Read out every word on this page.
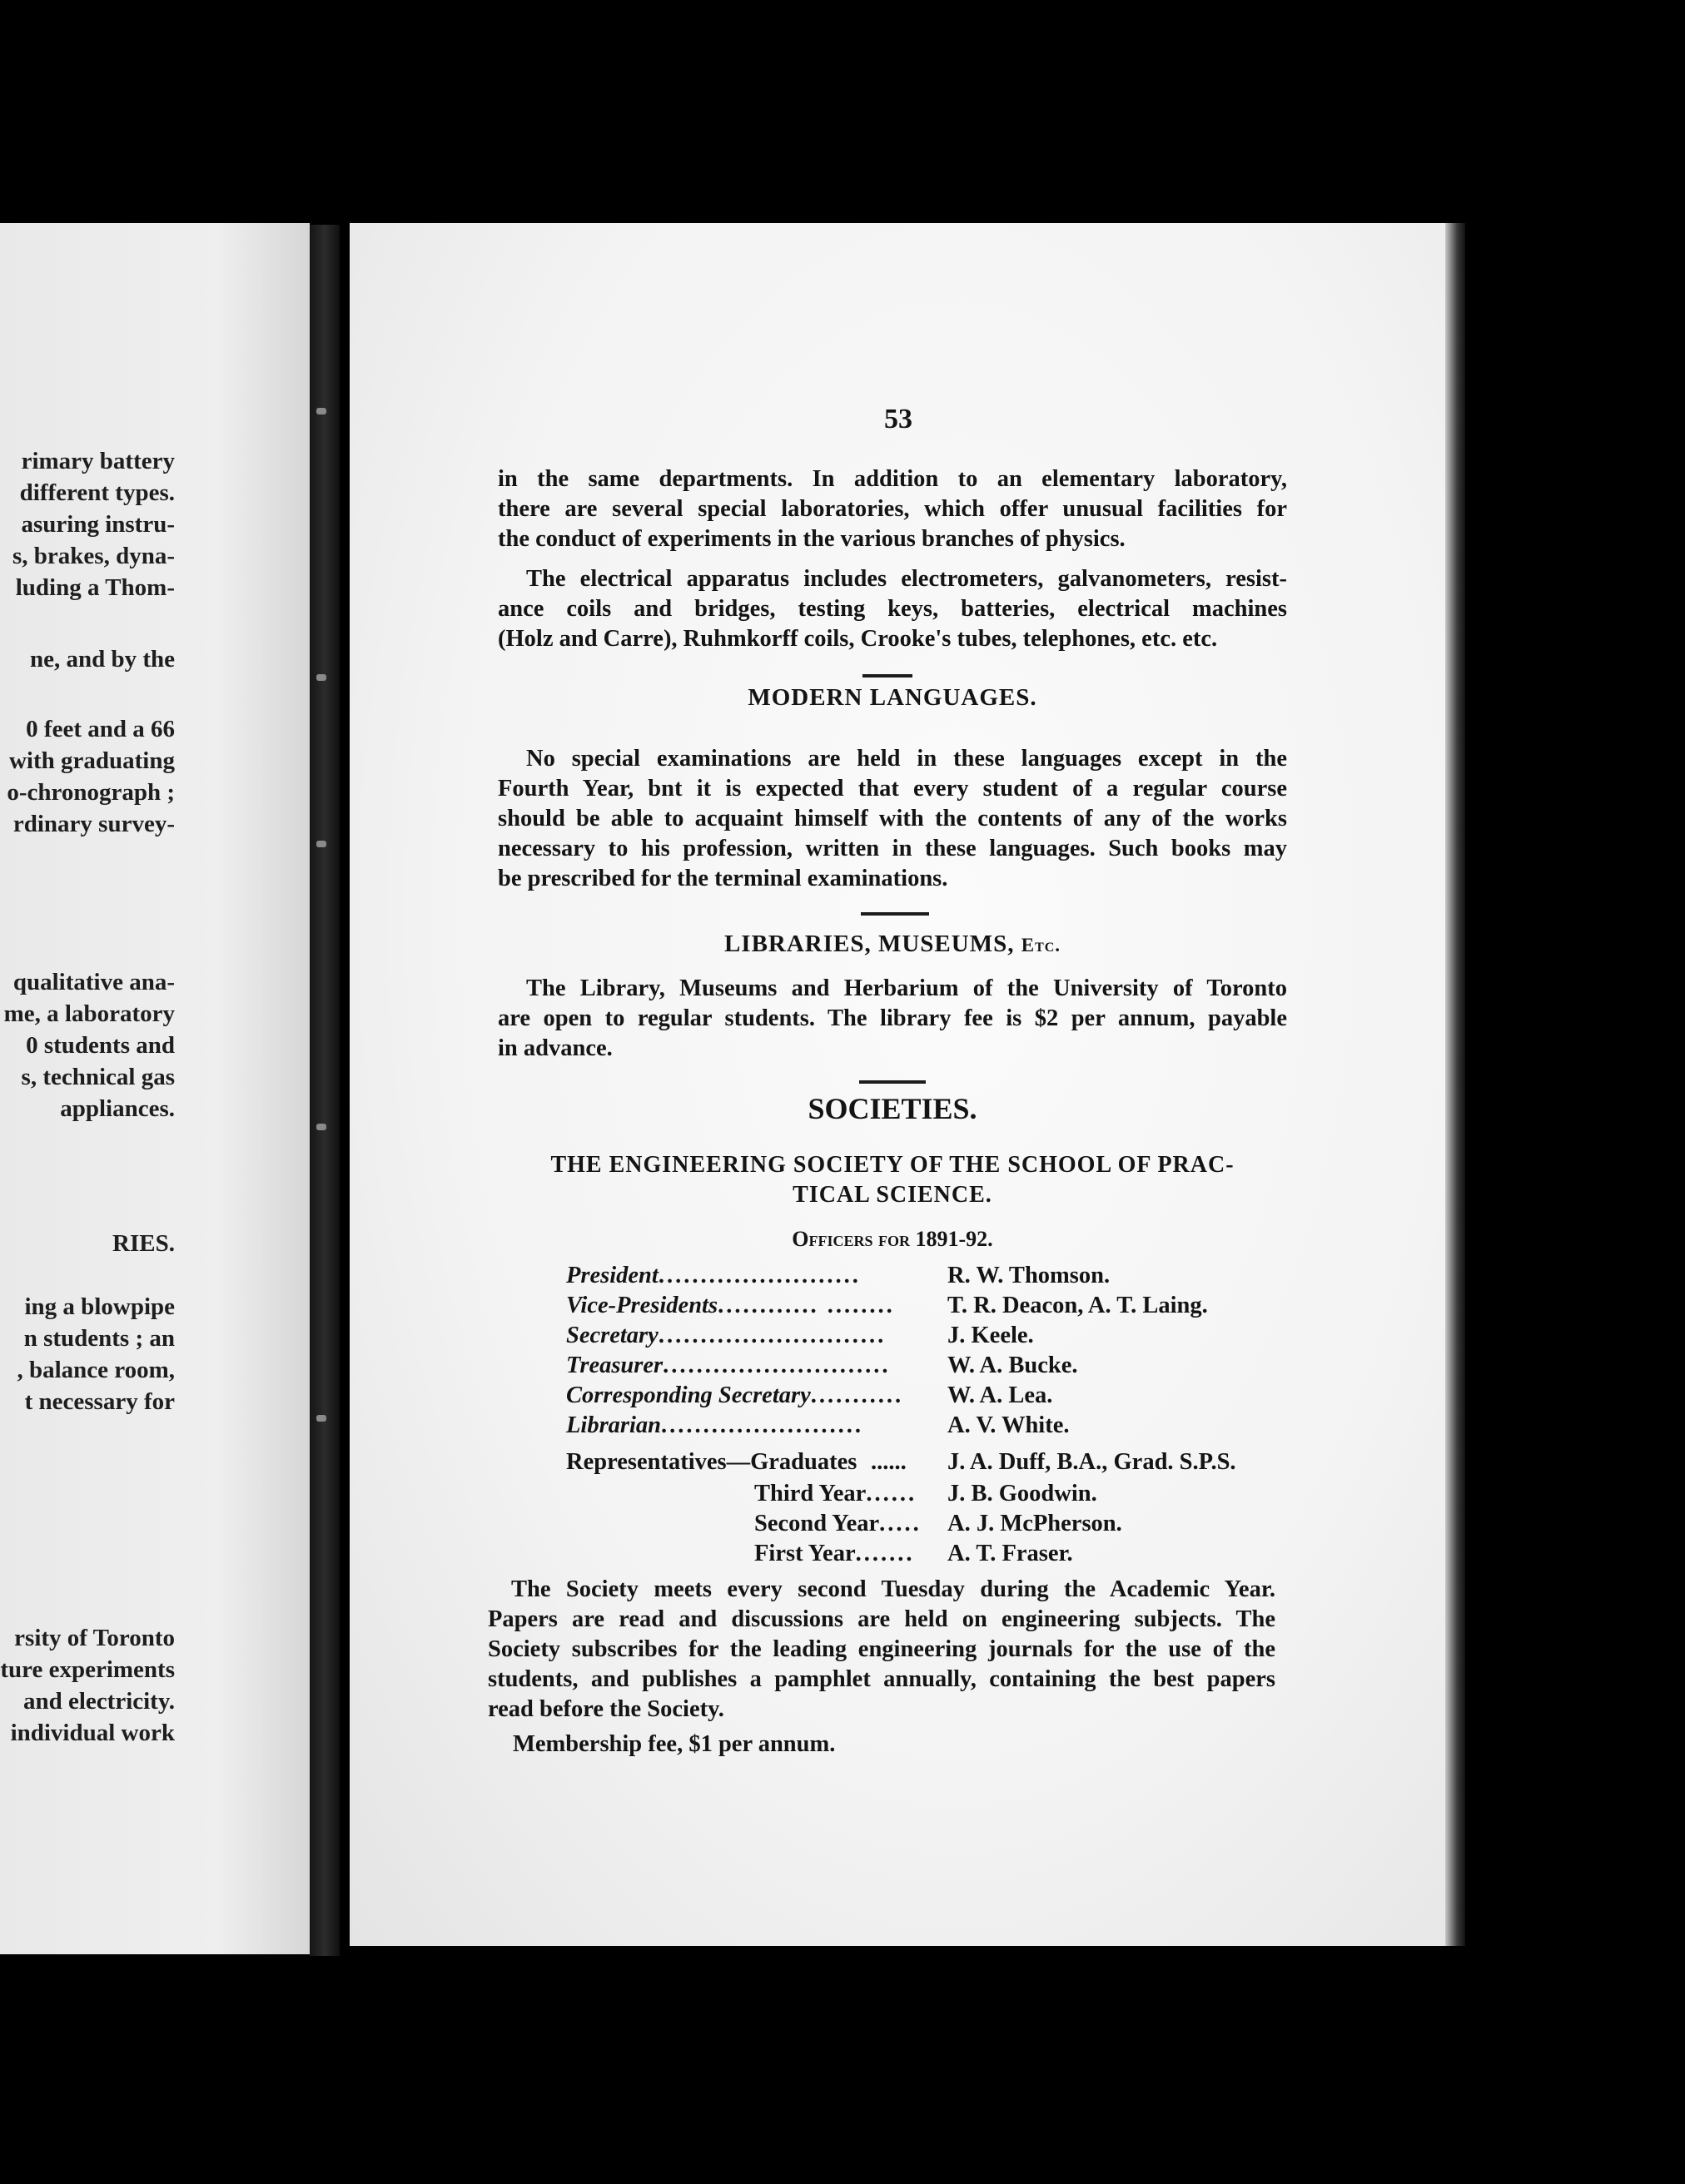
rimary battery
different types.
asuring instru-
s, brakes, dyna-
luding a Thom-
ne, and by the
0 feet and a 66
with graduating
o-chronograph ;
rdinary survey-
qualitative ana-
me, a laboratory
0 students and
s, technical gas
appliances.
RIES.
ing a blowpipe
n students ; an
, balance room,
t necessary for
rsity of Toronto
ture experiments
and electricity.
individual work
53
in the same departments. In addition to an elementary laboratory,
there are several special laboratories, which offer unusual facilities for
the conduct of experiments in the various branches of physics.
The electrical apparatus includes electrometers, galvanometers, resist-
ance coils and bridges, testing keys, batteries, electrical machines
(Holz and Carre), Ruhmkorff coils, Crooke's tubes, telephones, etc. etc.
MODERN LANGUAGES.
No special examinations are held in these languages except in the
Fourth Year, bnt it is expected that every student of a regular course
should be able to acquaint himself with the contents of any of the works
necessary to his profession, written in these languages. Such books may
be prescribed for the terminal examinations.
LIBRARIES, MUSEUMS, Etc.
The Library, Museums and Herbarium of the University of Toronto
are open to regular students. The library fee is $2 per annum, payable
in advance.
SOCIETIES.
THE ENGINEERING SOCIETY OF THE SCHOOL OF PRAC-
TICAL SCIENCE.
Officers for 1891-92.
President........................	R. W. Thomson.
Vice-Presidents............ ........ T. R. Deacon, A. T. Laing.
Secretary...........................	J. Keele.
Treasurer........................... W. A. Bucke.
Corresponding Secretary........... W. A. Lea.
Librarian........................	A. V. White.
Representatives—Graduates ...... J. A. Duff, B.A., Grad. S.P.S.
Third Year...... J. B. Goodwin.
Second Year..... A. J. McPherson.
First Year....... A. T. Fraser.
The Society meets every second Tuesday during the Academic Year.
Papers are read and discussions are held on engineering subjects. The
Society subscribes for the leading engineering journals for the use of the
students, and publishes a pamphlet annually, containing the best papers
read before the Society.
Membership fee, $1 per annum.
